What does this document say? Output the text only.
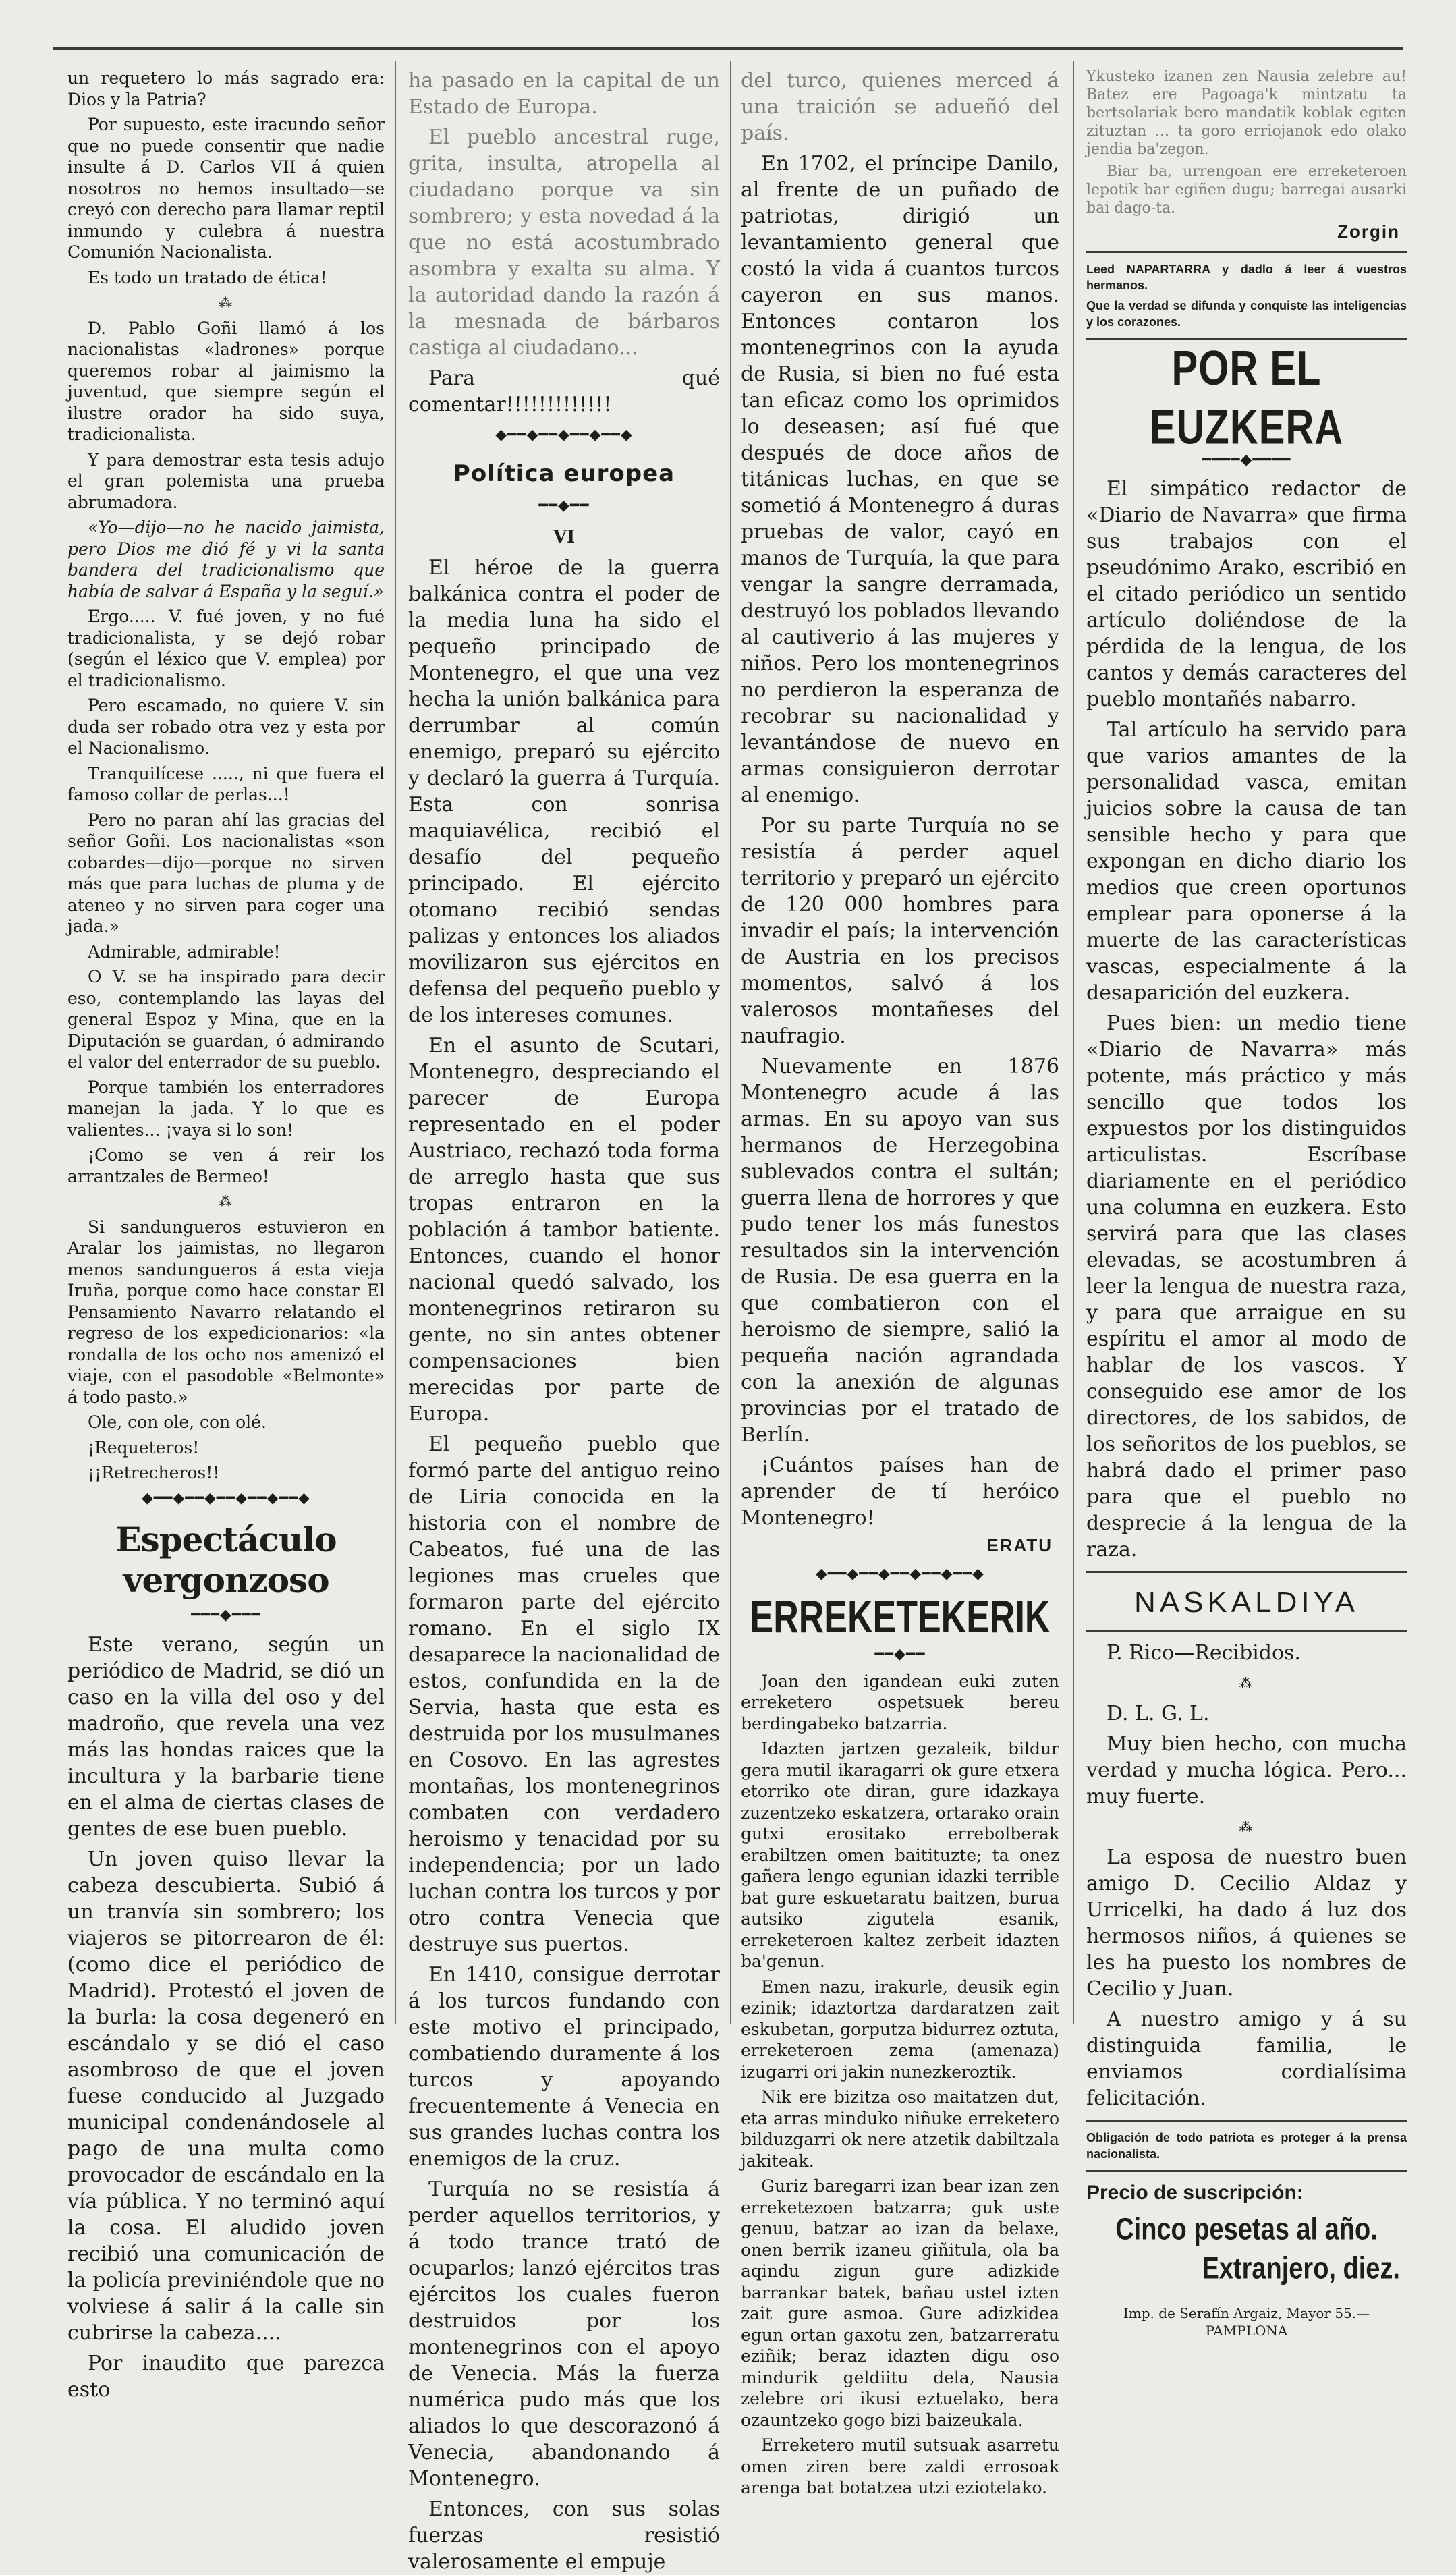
un requetero lo más sagrado era: Dios y la Patria?

Por supuesto, este iracundo señor que no puede consentir que nadie insulte á D. Carlos VII á quien nosotros no hemos insultado—se creyó con derecho para llamar reptil inmundo y culebra á nuestra Comunión Nacionalista.

Es todo un tratado de ética!

⁂

D. Pablo Goñi llamó á los nacionalistas «ladrones» porque queremos robar al jaimismo la juventud, que siempre según el ilustre orador ha sido suya, tradicionalista.

Y para demostrar esta tesis adujo el gran polemista una prueba abrumadora.

«Yo—dijo—no he nacido jaimista, pero Dios me dió fé y vi la santa bandera del tradicionalismo que había de salvar á España y la seguí.»

Ergo..... V. fué joven, y no fué tradicionalista, y se dejó robar (según el léxico que V. emplea) por el tradicionalismo.

Pero escamado, no quiere V. sin duda ser robado otra vez y esta por el Nacionalismo.

Tranquilícese ....., ni que fuera el famoso collar de perlas...!

Pero no paran ahí las gracias del señor Goñi. Los nacionalistas «son cobardes—dijo—porque no sirven más que para luchas de pluma y de ateneo y no sirven para coger una jada.»

Admirable, admirable!

O V. se ha inspirado para decir eso, contemplando las layas del general Espoz y Mina, que en la Diputación se guardan, ó admirando el valor del enterrador de su pueblo.

Porque también los enterradores manejan la jada. Y lo que es valientes... ¡vaya si lo son!

¡Como se ven á reir los arrantzales de Bermeo!

⁂

Si sandungueros estuvieron en Aralar los jaimistas, no llegaron menos sandungueros á esta vieja Iruña, porque como hace constar El Pensamiento Navarro relatando el regreso de los expedicionarios: «la rondalla de los ocho nos amenizó el viaje, con el pasodoble «Belmonte» á todo pasto.»

Ole, con ole, con olé.

¡Requeteros!

¡¡Retrecheros!!

◆━━◆━━◆━━◆━━◆━━◆
Espectáculo vergonzoso
━━━◆━━━

Este verano, según un periódico de Madrid, se dió un caso en la villa del oso y del madroño, que revela una vez más las hondas raices que la incultura y la barbarie tiene en el alma de ciertas clases de gentes de ese buen pueblo.

Un joven quiso llevar la cabeza descubierta. Subió á un tranvía sin sombrero; los viajeros se pitorrearon de él: (como dice el periódico de Madrid). Protestó el joven de la burla: la cosa degeneró en escándalo y se dió el caso asombroso de que el joven fuese conducido al Juzgado municipal condenándosele al pago de una multa como provocador de escándalo en la vía pública. Y no terminó aquí la cosa. El aludido joven recibió una comunicación de la policía previniéndole que no volviese á salir á la calle sin cubrirse la cabeza....

Por inaudito que parezca esto

ha pasado en la capital de un Estado de Europa.

El pueblo ancestral ruge, grita, insulta, atropella al ciudadano porque va sin sombrero; y esta novedad á la que no está acostumbrado asombra y exalta su alma. Y la autoridad dando la razón á la mesnada de bárbaros castiga al ciudadano...

Para qué comentar!!!!!!!!!!!!!

◆━━◆━━◆━━◆━━◆
Política europea
━━◆━━
VI

El héroe de la guerra balkánica contra el poder de la media luna ha sido el pequeño principado de Montenegro, el que una vez hecha la unión balkánica para derrumbar al común enemigo, preparó su ejército y declaró la guerra á Turquía. Esta con sonrisa maquiavélica, recibió el desafío del pequeño principado. El ejército otomano recibió sendas palizas y entonces los aliados movilizaron sus ejércitos en defensa del pequeño pueblo y de los intereses comunes.

En el asunto de Scutari, Montenegro, despreciando el parecer de Europa representado en el poder Austriaco, rechazó toda forma de arreglo hasta que sus tropas entraron en la población á tambor batiente. Entonces, cuando el honor nacional quedó salvado, los montenegrinos retiraron su gente, no sin antes obtener compensaciones bien merecidas por parte de Europa.

El pequeño pueblo que formó parte del antiguo reino de Liria conocida en la historia con el nombre de Cabeatos, fué una de las legiones mas crueles que formaron parte del ejército romano. En el siglo IX desaparece la nacionalidad de estos, confundida en la de Servia, hasta que esta es destruida por los musulmanes en Cosovo. En las agrestes montañas, los montenegrinos combaten con verdadero heroismo y tenacidad por su independencia; por un lado luchan contra los turcos y por otro contra Venecia que destruye sus puertos.

En 1410, consigue derrotar á los turcos fundando con este motivo el principado, combatiendo duramente á los turcos y apoyando frecuentemente á Venecia en sus grandes luchas contra los enemigos de la cruz.

Turquía no se resistía á perder aquellos territorios, y á todo trance trató de ocuparlos; lanzó ejércitos tras ejércitos los cuales fueron destruidos por los montenegrinos con el apoyo de Venecia. Más la fuerza numérica pudo más que los aliados lo que descorazonó á Venecia, abandonando á Montenegro.

Entonces, con sus solas fuerzas resistió valerosamente el empuje

del turco, quienes merced á una traición se adueñó del país.

En 1702, el príncipe Danilo, al frente de un puñado de patriotas, dirigió un levantamiento general que costó la vida á cuantos turcos cayeron en sus manos. Entonces contaron los montenegrinos con la ayuda de Rusia, si bien no fué esta tan eficaz como los oprimidos lo deseasen; así fué que después de doce años de titánicas luchas, en que se sometió á Montenegro á duras pruebas de valor, cayó en manos de Turquía, la que para vengar la sangre derramada, destruyó los poblados llevando al cautiverio á las mujeres y niños. Pero los montenegrinos no perdieron la esperanza de recobrar su nacionalidad y levantándose de nuevo en armas consiguieron derrotar al enemigo.

Por su parte Turquía no se resistía á perder aquel territorio y preparó un ejército de 120 000 hombres para invadir el país; la intervención de Austria en los precisos momentos, salvó á los valerosos montañeses del naufragio.

Nuevamente en 1876 Montenegro acude á las armas. En su apoyo van sus hermanos de Herzegobina sublevados contra el sultán; guerra llena de horrores y que pudo tener los más funestos resultados sin la intervención de Rusia. De esa guerra en la que combatieron con el heroismo de siempre, salió la pequeña nación agrandada con la anexión de algunas provincias por el tratado de Berlín.

¡Cuántos países han de aprender de tí heróico Montenegro!

ERATU
◆━━◆━━◆━━◆━━◆━━◆
ERREKETEKERIK
━━◆━━

Joan den igandean euki zuten erreketero ospetsuek bereu berdingabeko batzarria.

Idazten jartzen gezaleik, bildur gera mutil ikaragarri ok gure etxera etorriko ote diran, gure idazkaya zuzentzeko eskatzera, ortarako orain gutxi erositako errebolberak erabiltzen omen baitituzte; ta onez gañera lengo egunian idazki terrible bat gure eskuetaratu baitzen, burua autsiko zigutela esanik, erreketeroen kaltez zerbeit idazten ba'genun.

Emen nazu, irakurle, deusik egin ezinik; idaztortza dardaratzen zait eskubetan, gorputza bidurrez oztuta, erreketeroen zema (amenaza) izugarri ori jakin nunezkeroztik.

Nik ere bizitza oso maitatzen dut, eta arras minduko niñuke erreketero bilduzgarri ok nere atzetik dabiltzala jakiteak.

Guriz baregarri izan bear izan zen erreketezoen batzarra; guk uste genuu, batzar ao izan da belaxe, onen berrik izaneu giñitula, ola ba aqindu zigun gure adizkide barrankar batek, bañau ustel izten zait gure asmoa. Gure adizkidea egun ortan gaxotu zen, batzarreratu eziñik; beraz idazten digu oso mindurik geldiitu dela, Nausia zelebre ori ikusi eztuelako, bera ozauntzeko gogo bizi baizeukala.

Erreketero mutil sutsuak asarretu omen ziren bere zaldi errosoak arenga bat botatzea utzi eziotelako.

Ykusteko izanen zen Nausia zelebre au! Batez ere Pagoaga'k mintzatu ta bertsolariak bero mandatik koblak egiten zituztan ... ta goro erriojanok edo olako jendia ba'zegon.

Biar ba, urrengoan ere erreketeroen lepotik bar egiñen dugu; barregai ausarki bai dago-ta.

Zorgin
Leed NAPARTARRA y dadlo á leer á vuestros hermanos.
Que la verdad se difunda y conquiste las inteligencias y los corazones.
POR EL EUZKERA
━━━━◆━━━━

El simpático redactor de «Diario de Navarra» que firma sus trabajos con el pseudónimo Arako, escribió en el citado periódico un sentido artículo doliéndose de la pérdida de la lengua, de los cantos y demás caracteres del pueblo montañés nabarro.

Tal artículo ha servido para que varios amantes de la personalidad vasca, emitan juicios sobre la causa de tan sensible hecho y para que expongan en dicho diario los medios que creen oportunos emplear para oponerse á la muerte de las características vascas, especialmente á la desaparición del euzkera.

Pues bien: un medio tiene «Diario de Navarra» más potente, más práctico y más sencillo que todos los expuestos por los distinguidos articulistas. Escríbase diariamente en el periódico una columna en euzkera. Esto servirá para que las clases elevadas, se acostumbren á leer la lengua de nuestra raza, y para que arraigue en su espíritu el amor al modo de hablar de los vascos. Y conseguido ese amor de los directores, de los sabidos, de los señoritos de los pueblos, se habrá dado el primer paso para que el pueblo no desprecie á la lengua de la raza.

NASKALDIYA

P. Rico—Recibidos.

⁂

D. L. G. L.

Muy bien hecho, con mucha verdad y mucha lógica. Pero... muy fuerte.

⁂

La esposa de nuestro buen amigo D. Cecilio Aldaz y Urricelki, ha dado á luz dos hermosos niños, á quienes se les ha puesto los nombres de Cecilio y Juan.

A nuestro amigo y á su distinguida familia, le enviamos cordialísima felicitación.

Obligación de todo patriota es proteger á la prensa nacionalista.
Precio de suscripción:
Cinco pesetas al año.
Extranjero, diez.
Imp. de Serafín Argaiz, Mayor 55.—PAMPLONA
